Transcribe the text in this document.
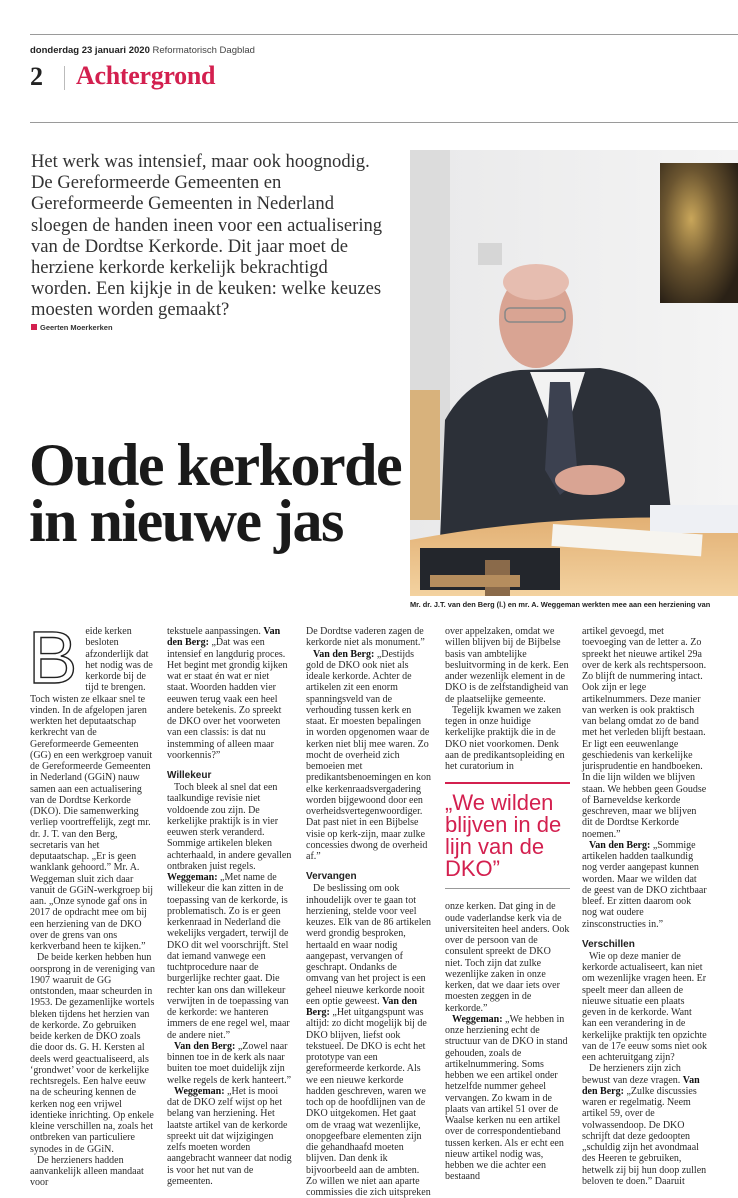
donderdag 23 januari 2020 Reformatorisch Dagblad
2 Achtergrond
Het werk was intensief, maar ook hoognodig. De Gereformeerde Gemeenten en Gereformeerde Gemeenten in Nederland sloegen de handen ineen voor een actualisering van de Dordtse Kerkorde. Dit jaar moet de herziene kerkorde kerkelijk bekrachtigd worden. Een kijkje in de keuken: welke keuzes moesten worden gemaakt?
Geerten Moerkerken
Oude kerkorde in nieuwe jas
Mr. dr. J.T. van den Berg (l.) en mr. A. Weggeman werkten mee aan een herziening van

Beide kerken besloten afzonderlijk dat het nodig was de kerkorde bij de tijd te brengen. Toch wisten ze elkaar snel te vinden. In de afgelopen jaren werkten het deputaatschap kerkrecht van de Gereformeerde Gemeenten (GG) en een werkgroep vanuit de Gereformeerde Gemeenten in Nederland (GGiN) nauw samen aan een actualisering van de Dordtse Kerkorde (DKO). Die samenwerking verliep voortreffelijk, zegt mr. dr. J. T. van den Berg, secretaris van het deputaatschap. „Er is geen wanklank gehoord.” Mr. A. Weggeman sluit zich daar vanuit de GGiN-werkgroep bij aan. „Onze synode gaf ons in 2017 de opdracht mee om bij een herziening van de DKO over de grens van ons kerkverband heen te kijken.”

De beide kerken hebben hun oorsprong in de vereniging van 1907 waaruit de GG ontstonden, maar scheurden in 1953. De gezamenlijke wortels bleken tijdens het herzien van de kerkorde. Zo gebruiken beide kerken de DKO zoals die door ds. G. H. Kersten al deels werd geactualiseerd, als ‘grondwet’ voor de kerkelijke rechtsregels. Een halve eeuw na de scheuring kennen de kerken nog een vrijwel identieke inrichting. Op enkele kleine verschillen na, zoals het ontbreken van particuliere synodes in de GGiN.

De herzieners hadden aanvankelijk alleen mandaat voor

tekstuele aanpassingen. Van den Berg: „Dat was een intensief en langdurig proces. Het begint met grondig kijken wat er staat én wat er niet staat. Woorden hadden vier eeuwen terug vaak een heel andere betekenis. Zo spreekt de DKO over het voorweten van een classis: is dat nu instemming of alleen maar voorkennis?”

Willekeur

Toch bleek al snel dat een taalkundige revisie niet voldoende zou zijn. De kerkelijke praktijk is in vier eeuwen sterk veranderd. Sommige artikelen bleken achterhaald, in andere gevallen ontbraken juist regels. Weggeman: „Met name de willekeur die kan zitten in de toepassing van de kerkorde, is problematisch. Zo is er geen kerkenraad in Nederland die wekelijks vergadert, terwijl de DKO dit wel voorschrijft. Stel dat iemand vanwege een tuchtprocedure naar de burgerlijke rechter gaat. Die rechter kan ons dan willekeur verwijten in de toepassing van de kerkorde: we hanteren immers de ene regel wel, maar de andere niet.”

Van den Berg: „Zowel naar binnen toe in de kerk als naar buiten toe moet duidelijk zijn welke regels de kerk hanteert.”

Weggeman: „Het is mooi dat de DKO zelf wijst op het belang van herziening. Het laatste artikel van de kerkorde spreekt uit dat wijzigingen zelfs moeten worden aangebracht wanneer dat nodig is voor het nut van de gemeenten.

De Dordtse vaderen zagen de kerkorde niet als monument.”

Van den Berg: „Destijds gold de DKO ook niet als ideale kerkorde. Achter de artikelen zit een enorm spanningsveld van de verhouding tussen kerk en staat. Er moesten bepalingen in worden opgenomen waar de kerken niet blij mee waren. Zo mocht de overheid zich bemoeien met predikantsbenoemingen en kon elke kerkenraadsvergadering worden bijgewoond door een overheidsvertegenwoordiger. Dat past niet in een Bijbelse visie op kerk-zijn, maar zulke concessies dwong de overheid af.”

Vervangen

De beslissing om ook inhoudelijk over te gaan tot herziening, stelde voor veel keuzes. Elk van de 86 artikelen werd grondig besproken, hertaald en waar nodig aangepast, vervangen of geschrapt. Ondanks de omvang van het project is een geheel nieuwe kerkorde nooit een optie geweest. Van den Berg: „Het uitgangspunt was altijd: zo dicht mogelijk bij de DKO blijven, liefst ook tekstueel. De DKO is echt het prototype van een gereformeerde kerkorde. Als we een nieuwe kerkorde hadden geschreven, waren we toch op de hoofdlijnen van de DKO uitgekomen. Het gaat om de vraag wat wezenlijke, onopgeefbare elementen zijn die gehandhaafd moeten blijven. Dan denk ik bijvoorbeeld aan de ambten. Zo willen we niet aan aparte commissies die zich uitspreken

over appelzaken, omdat we willen blijven bij de Bijbelse basis van ambtelijke besluitvorming in de kerk. Een ander wezenlijk element in de DKO is de zelfstandigheid van de plaatselijke gemeente.

Tegelijk kwamen we zaken tegen in onze huidige kerkelijke praktijk die in de DKO niet voorkomen. Denk aan de predikantsopleiding en het curatorium in

„We wilden blijven in de lijn van de DKO”

onze kerken. Dat ging in de oude vaderlandse kerk via de universiteiten heel anders. Ook over de persoon van de consulent spreekt de DKO niet. Toch zijn dat zulke wezenlijke zaken in onze kerken, dat we daar iets over moesten zeggen in de kerkorde.”

Weggeman: „We hebben in onze herziening echt de structuur van de DKO in stand gehouden, zoals de artikelnummering. Soms hebben we een artikel onder hetzelfde nummer geheel vervangen. Zo kwam in de plaats van artikel 51 over de Waalse kerken nu een artikel over de correspondentieband tussen kerken. Als er echt een nieuw artikel nodig was, hebben we die achter een bestaand

artikel gevoegd, met toevoeging van de letter a. Zo spreekt het nieuwe artikel 29a over de kerk als rechtspersoon. Zo blijft de nummering intact. Ook zijn er lege artikelnummers. Deze manier van werken is ook praktisch van belang omdat zo de band met het verleden blijft bestaan. Er ligt een eeuwenlange geschiedenis van kerkelijke jurisprudentie en handboeken. In die lijn wilden we blijven staan. We hebben geen Goudse of Barneveldse kerkorde geschreven, maar we blijven dit de Dordtse Kerkorde noemen.”

Van den Berg: „Sommige artikelen hadden taalkundig nog verder aangepast kunnen worden. Maar we wilden dat de geest van de DKO zichtbaar bleef. Er zitten daarom ook nog wat oudere zinsconstructies in.”

Verschillen

Wie op deze manier de kerkorde actualiseert, kan niet om wezenlijke vragen heen. Er speelt meer dan alleen de nieuwe situatie een plaats geven in de kerkorde. Want kan een verandering in de kerkelijke praktijk ten opzichte van de 17e eeuw soms niet ook een achteruitgang zijn?

De herzieners zijn zich bewust van deze vragen. Van den Berg: „Zulke discussies waren er regelmatig. Neem artikel 59, over de volwassendoop. De DKO schrijft dat deze gedoopten „schuldig zijn het avondmaal des Heeren te gebruiken, hetwelk zij bij hun doop zullen beloven te doen.” Daaruit
